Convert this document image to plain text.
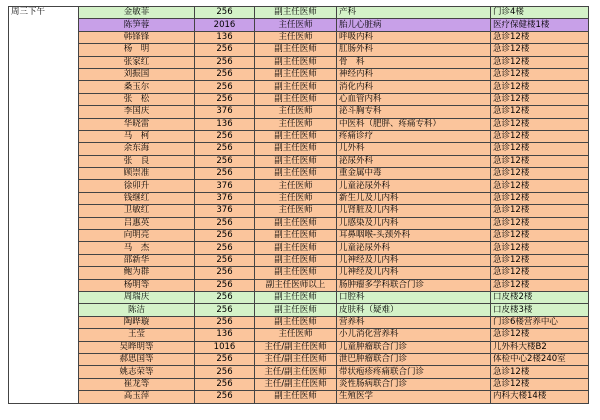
周三下午	金敏菲	256	副主任医师	产科	门诊4楼
	陈笋蓉	2016	主任医师	胎儿心脏病	医疗保健楼1楼
	韩锋锋	136	主任医师	呼吸内科	急诊12楼
	杨　明	256	副主任医师	肛肠外科	急诊12楼
	张家红	256	副主任医师	骨　科	急诊12楼
	刘振国	256	副主任医师	神经内科	急诊12楼
	桑玉尔	256	副主任医师	消化内科	急诊12楼
	张　松	256	副主任医师	心血管内科	急诊12楼
	李国庆	376	主任医师	泌斗胸专科	急诊12楼
	华晓雷	136	主任医师	中医科（肥胖、疼痛专科）	急诊12楼
	马　柯	256	副主任医师	疼痛诊疗	急诊12楼
	余东海	256	副主任医师	儿外科	急诊12楼
	张　良	256	副主任医师	泌尿外科	急诊12楼
	顾崇准	256	副主任医师	重金属中毒	急诊12楼
	徐卯升	376	主任医师	儿童泌尿外科	急诊12楼
	钱继红	376	主任医师	新生儿及儿内科	急诊12楼
	卫敏红	376	主任医师	儿肾脏及儿内科	急诊12楼
	吕惠英	256	副主任医师	儿感染及儿内科	急诊12楼
	向明亮	256	副主任医师	耳鼻咽喉-头颈外科	急诊12楼
	马　杰	256	副主任医师	儿童泌尿外科	急诊12楼
	邵新华	256	副主任医师	儿神经及儿内科	急诊12楼
	鲍为群	256	副主任医师	儿神经及儿内科	急诊12楼
	杨明等	256	副主任医师以上	肠肿瘤多学科联合门诊	急诊12楼
	周瑞庆	256	副主任医师	口腔科	口皮楼2楼
	陈洁	256	副主任医师	皮肤科（疑难）	口皮楼3楼
	陶晔璇	256	副主任医师	营养科	门诊6楼营养中心
	王莹	136	主任医师	小儿消化营养科	急诊12楼
	吴晔明等	1016	主任/副主任医师	儿童肿瘤联合门诊	儿外科大楼B2
	郝思国等	256	主任/副主任医师	泄巴肿瘤联合门诊	体检中心2楼240室
	姚志荣等	256	主任/副主任医师	带状疱疹疼痛联合门诊	急诊12楼
	崔龙等	256	主任/副主任医师	炎性肠病联合门诊	急诊12楼
	高玉萍	256	副主任医师	生殖医学	内科大楼14楼
